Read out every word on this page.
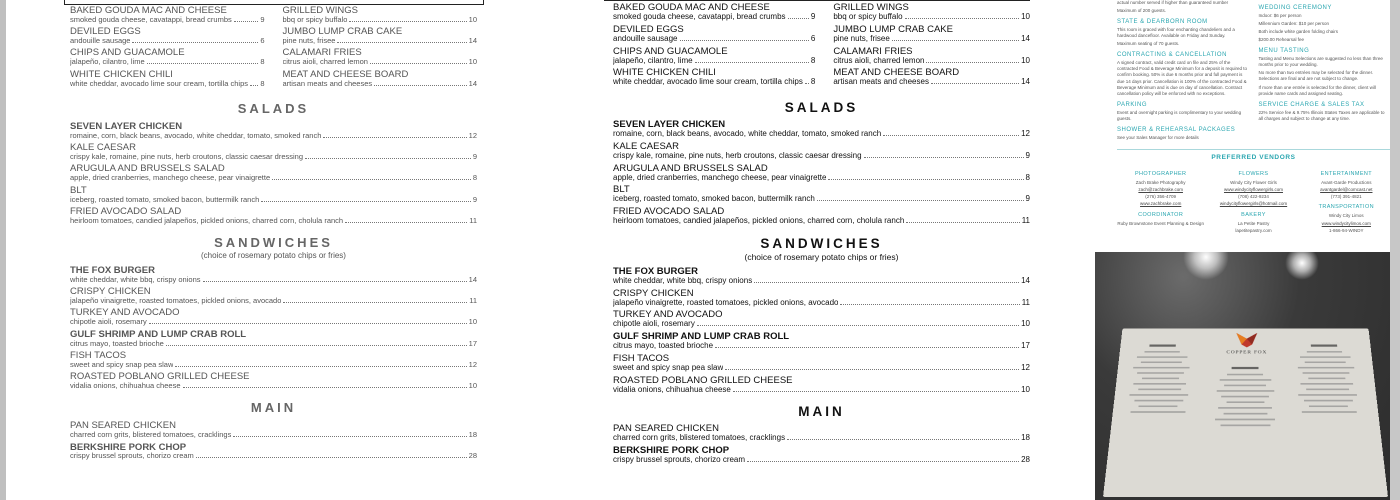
BAKED GOUDA MAC AND CHEESE
smoked gouda cheese, cavatappi, bread crumbs	9
DEVILED EGGS
andouille sausage	6
CHIPS AND GUACAMOLE
jalapeño, cilantro, lime	8
WHITE CHICKEN CHILI
white cheddar, avocado lime sour cream, tortilla chips 8
GRILLED WINGS
bbq or spicy buffalo	10
JUMBO LUMP CRAB CAKE
pine nuts, frisee	14
CALAMARI FRIES
citrus aioli, charred lemon	10
MEAT AND CHEESE BOARD
artisan meats and cheeses	14
SALADS
SEVEN LAYER CHICKEN
romaine, corn, black beans, avocado, white cheddar, tomato, smoked ranch	12
KALE CAESAR
crispy kale, romaine, pine nuts, herb croutons, classic caesar dressing	9
ARUGULA AND BRUSSELS SALAD
apple, dried cranberries, manchego cheese, pear vinaigrette	8
BLT
iceberg, roasted tomato, smoked bacon, buttermilk ranch	9
FRIED AVOCADO SALAD
heirloom tomatoes, candied jalapeños, pickled onions, charred corn, cholula ranch	11
SANDWICHES
(choice of rosemary potato chips or fries)
THE FOX BURGER
white cheddar, white bbq, crispy onions	14
CRISPY CHICKEN
jalapeño vinaigrette, roasted tomatoes, pickled onions, avocado	11
TURKEY AND AVOCADO
chipotle aioli, rosemary	10
GULF SHRIMP AND LUMP CRAB ROLL
citrus mayo, toasted brioche	17
FISH TACOS
sweet and spicy snap pea slaw	12
ROASTED POBLANO GRILLED CHEESE
vidalia onions, chihuahua cheese	10
MAIN
PAN SEARED CHICKEN
charred corn grits, blistered tomatoes, cracklings	18
BERKSHIRE PORK CHOP
crispy brussel sprouts, chorizo cream	28
BAKED GOUDA MAC AND CHEESE
smoked gouda cheese, cavatappi, bread crumbs	9
DEVILED EGGS
andouille sausage	6
CHIPS AND GUACAMOLE
jalapeño, cilantro, lime	8
WHITE CHICKEN CHILI
white cheddar, avocado lime sour cream, tortilla chips 8
GRILLED WINGS
bbq or spicy buffalo	10
JUMBO LUMP CRAB CAKE
pine nuts, frisee	14
CALAMARI FRIES
citrus aioli, charred lemon	10
MEAT AND CHEESE BOARD
artisan meats and cheeses	14
SALADS
SEVEN LAYER CHICKEN
romaine, corn, black beans, avocado, white cheddar, tomato, smoked ranch	12
KALE CAESAR
crispy kale, romaine, pine nuts, herb croutons, classic caesar dressing	9
ARUGULA AND BRUSSELS SALAD
apple, dried cranberries, manchego cheese, pear vinaigrette	8
BLT
iceberg, roasted tomato, smoked bacon, buttermilk ranch	9
FRIED AVOCADO SALAD
heirloom tomatoes, candied jalapeños, pickled onions, charred corn, cholula ranch	11
SANDWICHES
(choice of rosemary potato chips or fries)
THE FOX BURGER
white cheddar, white bbq, crispy onions	14
CRISPY CHICKEN
jalapeño vinaigrette, roasted tomatoes, pickled onions, avocado	11
TURKEY AND AVOCADO
chipotle aioli, rosemary	10
GULF SHRIMP AND LUMP CRAB ROLL
citrus mayo, toasted brioche	17
FISH TACOS
sweet and spicy snap pea slaw	12
ROASTED POBLANO GRILLED CHEESE
vidalia onions, chihuahua cheese	10
MAIN
PAN SEARED CHICKEN
charred corn grits, blistered tomatoes, cracklings	18
BERKSHIRE PORK CHOP
crispy brussel sprouts, chorizo cream	28

actual number served if higher than guaranteed number

Maximum of 200 guests.

STATE & DEARBORN ROOM

This room is graced with four enchanting chandeliers and a hardwood dancefloor. Available on Friday and Sunday.

Maximum seating of 70 guests.

CONTRACTING & CANCELLATION

A signed contract, valid credit card on file and 25% of the contracted Food & Beverage Minimum for a deposit is required to confirm booking. 50% is due 6 months prior and full payment is due 14 days prior. Cancellation is 100% of the contracted Food & Beverage Minimum and is due on day of cancellation. Contract cancellation policy will be enforced with no exceptions.

PARKING

Event and overnight parking is complimentary to your wedding guests.

SHOWER & REHEARSAL PACKAGES

See your Sales Manager for more details

WEDDING CEREMONY

Indoor: $6 per person

Millennium Garden: $10 per person

Both include white garden folding chairs

$200.00 Rehearsal fee

MENU TASTING

Tasting and Menu Selections are suggested no less than three months prior to your wedding.

No more than two entrées may be selected for the dinner. Selections are final and are not subject to change.

If more than one entrée is selected for the dinner, client will provide name cards and assigned seating.

SERVICE CHARGE & SALES TAX

22% Service fee & 9.75% Illinois States Taxes are applicable to all charges and subject to change at any time.

PREFERRED VENDORS
PHOTOGRAPHER
Zach Brake Photography
zach@zachbrake.com
(276) 356-4709
www.zachbrake.com
COORDINATOR
Ruby Brownstone Event Planning & Design
FLOWERS
Windy City Flower Girls
www.windycityflowergirls.com
(708) 422-9234
windycityflowergirls@hotmail.com
BAKERY
La Petite Pastry
lapetitepastry.com
ENTERTAINMENT
Avant-Garde Productions
avantgardel@comcast.net
(773) 391-4821
TRANSPORTATION
Windy City Limos
www.windycitylimos.com
1-866-94-WINDY
COPPER FOX
